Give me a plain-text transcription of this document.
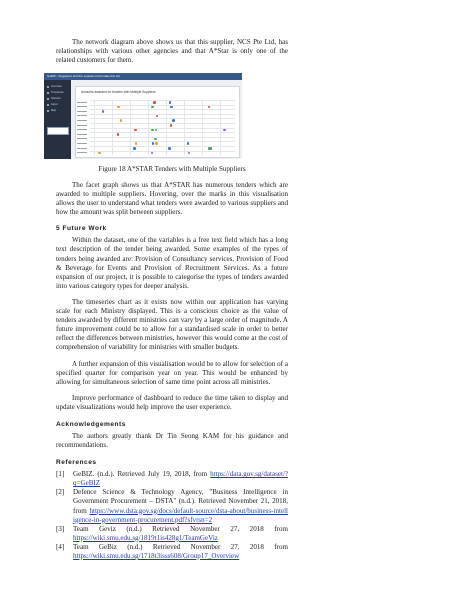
The network diagram above shows us that this supplier, NCS Pte Ltd, has relationships with various other agencies and that A*Star is only one of the related customers for them.

GeBIZ - Singapore and the suppliers that make this list
Overview
Timeseries
Network
Facet
Map
Amounts awarded for tenders with Multiple Suppliers

Figure 18 A*STAR Tenders with Multiple Suppliers

The facet graph shows us that A*STAR has numerous tenders which are awarded to multiple suppliers. Hovering, over the marks in this visualisation allows the user to understand what tenders were awarded to various suppliers and how the amount was split between suppliers.

5 Future Work

Within the dataset, one of the variables is a free text field which has a long text description of the tender being awarded. Some examples of the types of tenders being awarded are: Provision of Consultancy services, Provision of Food & Beverage for Events and Provision of Recruitment Services. As a future expansion of our project, it is possible to categorise the types of tenders awarded into various category types for deeper analysis.

The timeseries chart as it exists now within our application has varying scale for each Ministry displayed. This is a conscious choice as the value of tenders awarded by different ministries can vary by a large order of magnitude. A future improvement could be to allow for a standardised scale in order to better reflect the differences between ministries, however this would come at the cost of comprehension of variability for ministries with smaller budgets.

A further expansion of this visualisation would be to allow for selection of a specified quarter for comparison year on year. This would be enhanced by allowing for simultaneous selection of same time point across all ministries.

Improve performance of dashboard to reduce the time taken to display and update visualizations would help improve the user experience.

Acknowledgements

The authors greatly thank Dr Tin Seong KAM for his guidance and recommendations.

References
[1]	GeBIZ. (n.d.). Retrieved July 19, 2018, from https://data.gov.sg/dataset/?q=GeBIZ
[2]	Defence Science & Technology Agency, "Business Intelligence in Government Procurement – DSTA" (n.d.). Retrieved November 21, 2018, from https://www.dsta.gov.sg/docs/default-source/dsta-about/business-intelligence-in-government-procurement.pdf?sfvrsn=2
[3]	Team Geviz (n.d.) Retrieved November 27, 2018 from https://wiki.smu.edu.sg/1819t1is428g1/TeamGeViz
[4]	Team GeBiz (n.d.) Retrieved November 27, 2018 from https://wiki.smu.edu.sg/1718t3isss608/Group17_Overview
